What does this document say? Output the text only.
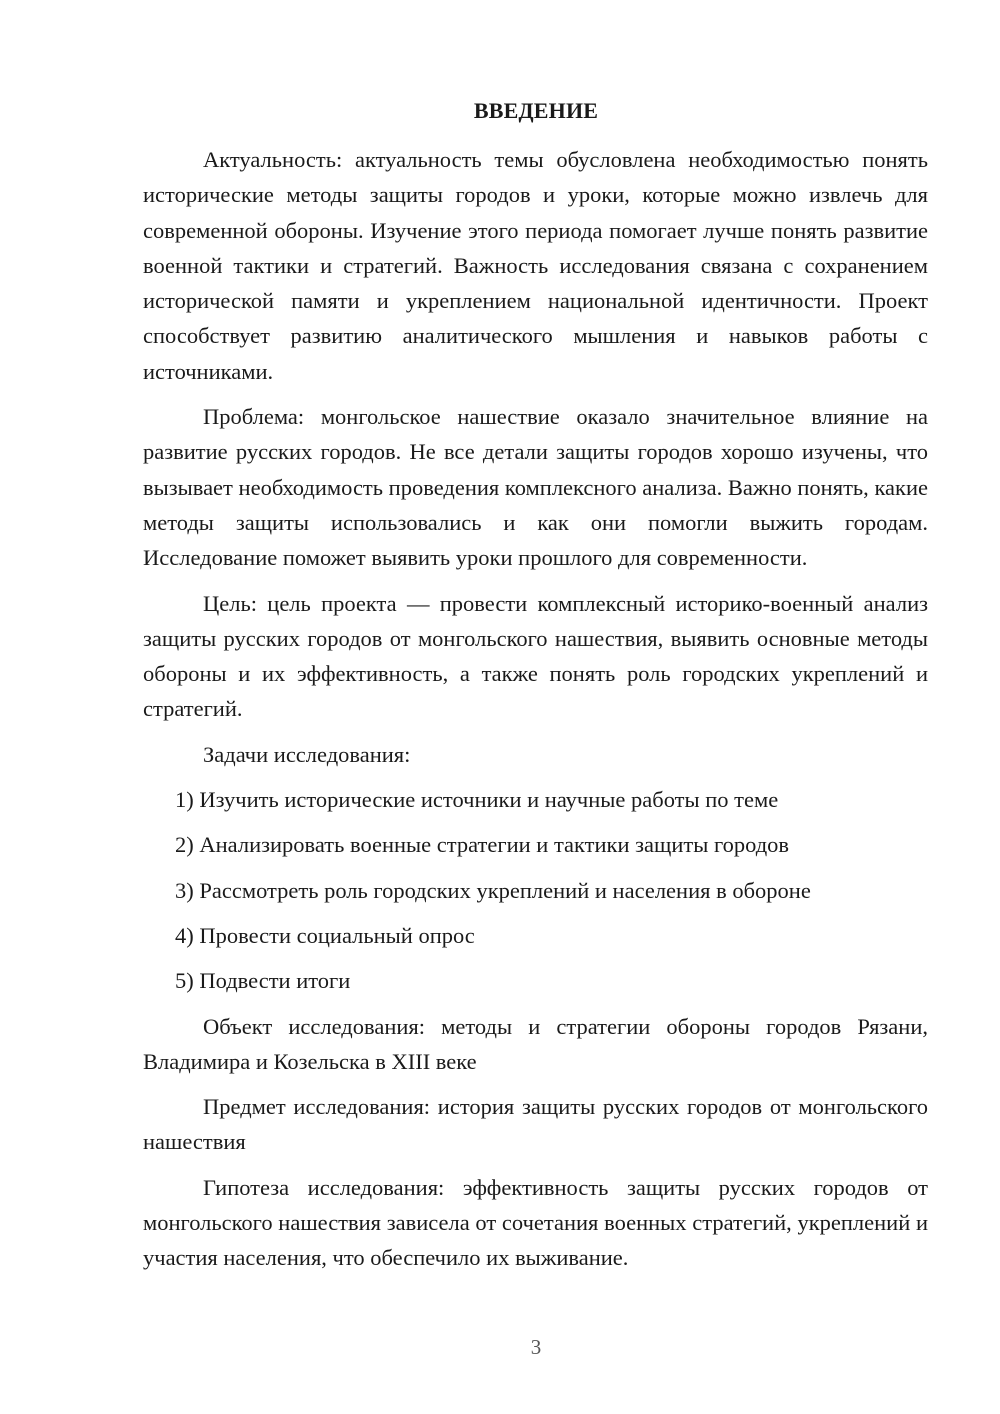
ВВЕДЕНИЕ

Актуальность: актуальность темы обусловлена необходимостью понять исторические методы защиты городов и уроки, которые можно извлечь для современной обороны. Изучение этого периода помогает лучше понять развитие военной тактики и стратегий. Важность исследования связана с сохранением исторической памяти и укреплением национальной идентичности. Проект способствует развитию аналитического мышления и навыков работы с источниками.

Проблема: монгольское нашествие оказало значительное влияние на развитие русских городов. Не все детали защиты городов хорошо изучены, что вызывает необходимость проведения комплексного анализа. Важно понять, какие методы защиты использовались и как они помогли выжить городам. Исследование поможет выявить уроки прошлого для современности.

Цель: цель проекта — провести комплексный историко-военный анализ защиты русских городов от монгольского нашествия, выявить основные методы обороны и их эффективность, а также понять роль городских укреплений и стратегий.

Задачи исследования:

1) Изучить исторические источники и научные работы по теме
2) Анализировать военные стратегии и тактики защиты городов
3) Рассмотреть роль городских укреплений и населения в обороне
4) Провести социальный опрос
5) Подвести итоги

Объект исследования: методы и стратегии обороны городов Рязани, Владимира и Козельска в XIII веке

Предмет исследования: история защиты русских городов от монгольского нашествия

Гипотеза исследования: эффективность защиты русских городов от монгольского нашествия зависела от сочетания военных стратегий, укреплений и участия населения, что обеспечило их выживание.

3
